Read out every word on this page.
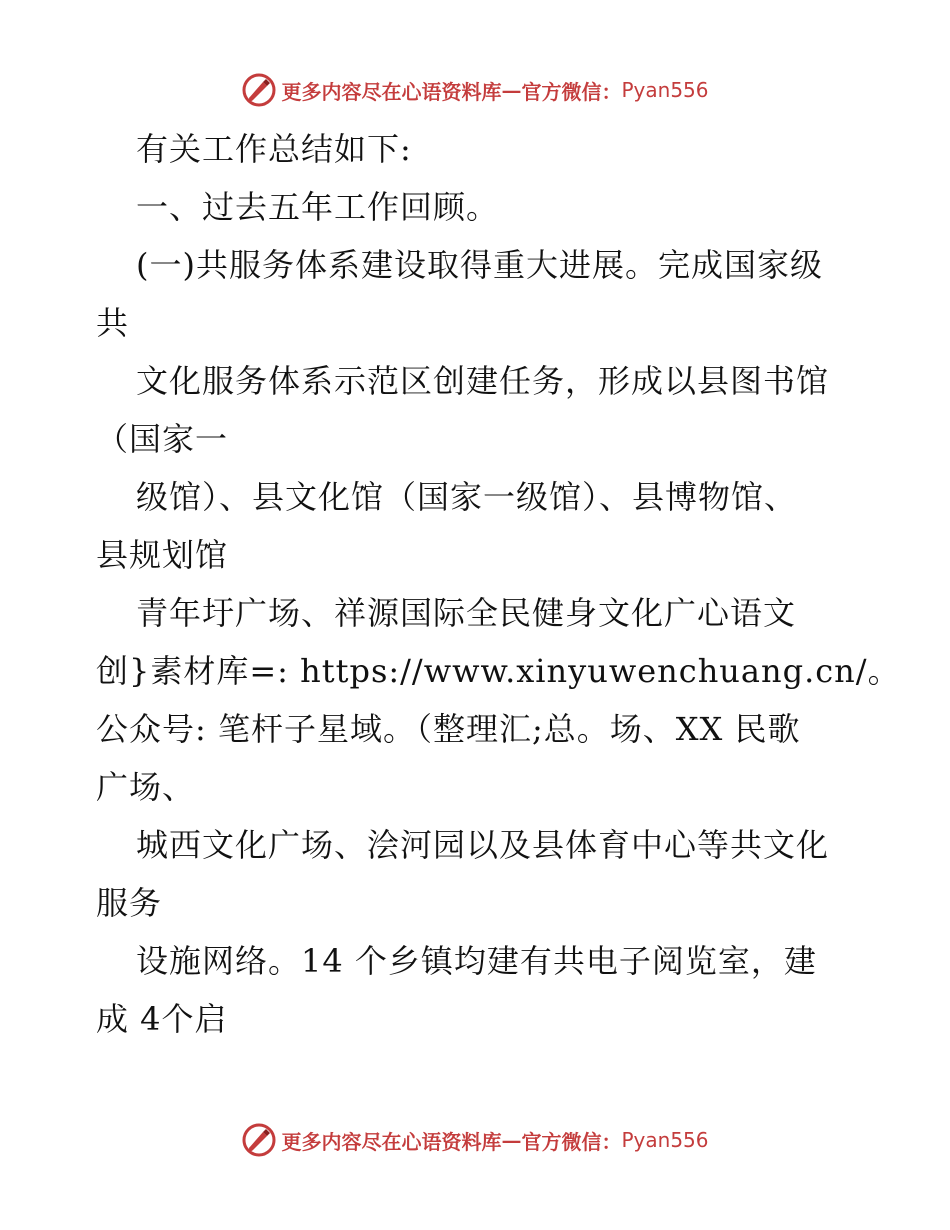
更多内容尽在心语资料库 — 官方微信： Pyan556
有关工作总结如下:
一、过去五年工作回顾。
(一)共服务体系建设取得重大进展。完成国家级
共
文化服务体系示范区创建任务，形成以县图书馆
（国家一
级馆）、县文化馆（国家一级馆）、县博物馆、
县规划馆
青年圩广场、祥源国际全民健身文化广心语文
创}素材库=: https://www.xinyuwenchuang.cn/。
公众号: 笔杆子星域。（整理汇;总。场、XX 民歌
广场、
城西文化广场、浍河园以及县体育中心等共文化
服务
设施网络。14 个乡镇均建有共电子阅览室，建
成 4个启
更多内容尽在心语资料库 — 官方微信： Pyan556
